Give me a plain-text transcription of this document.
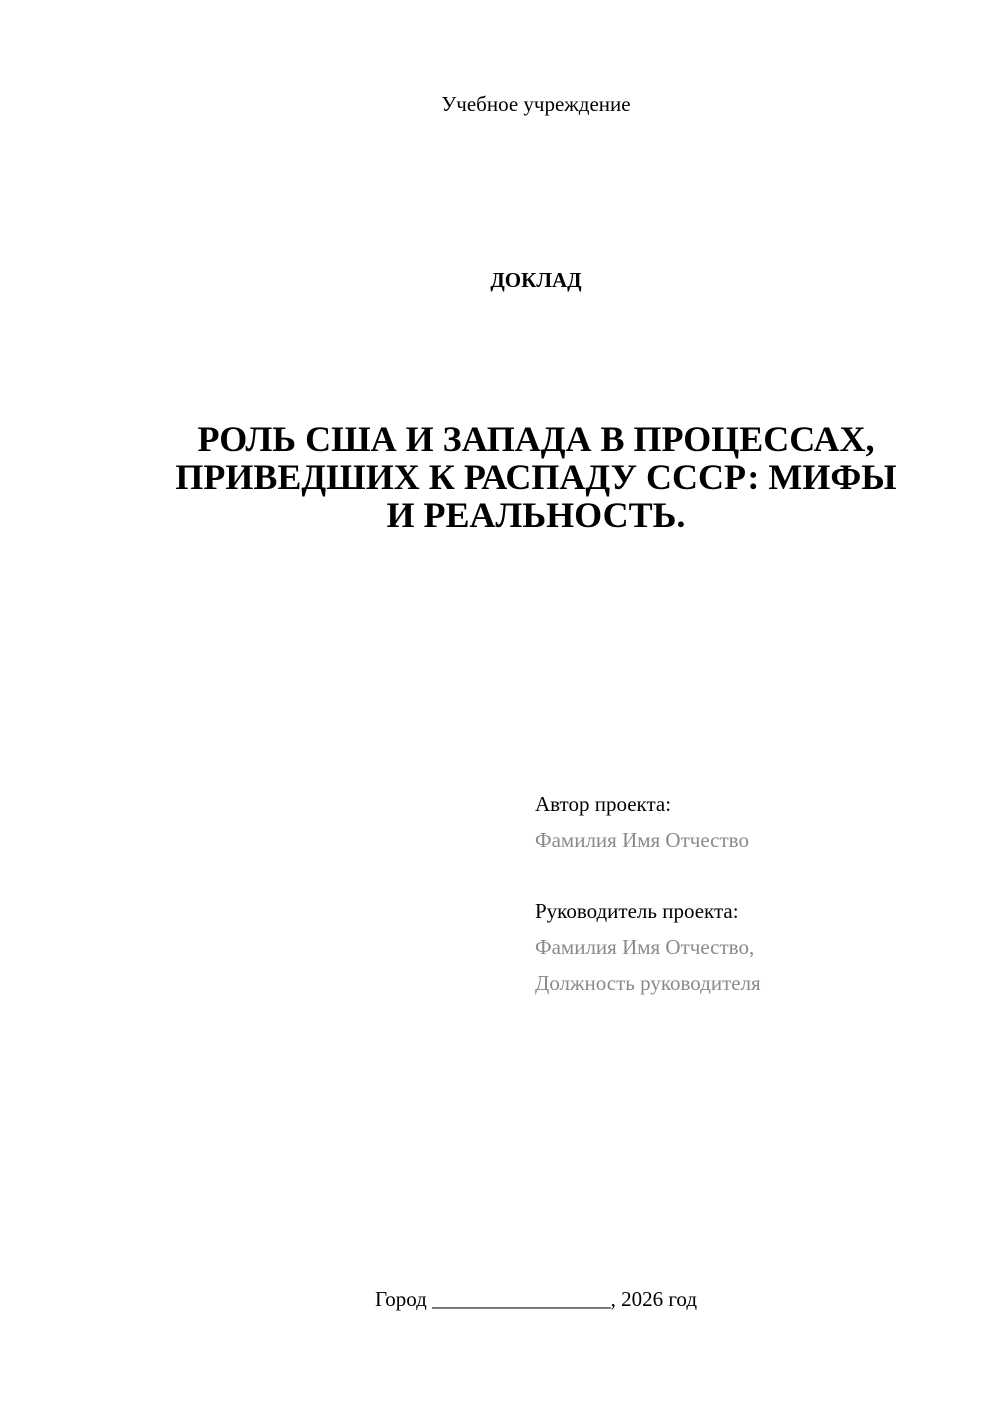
Учебное учреждение
ДОКЛАД
РОЛЬ США И ЗАПАДА В ПРОЦЕССАХ,
ПРИВЕДШИХ К РАСПАДУ СССР: МИФЫ
И РЕАЛЬНОСТЬ.
Автор проекта:
Фамилия Имя Отчество
Руководитель проекта:
Фамилия Имя Отчество,
Должность руководителя
Город _________________, 2026 год
